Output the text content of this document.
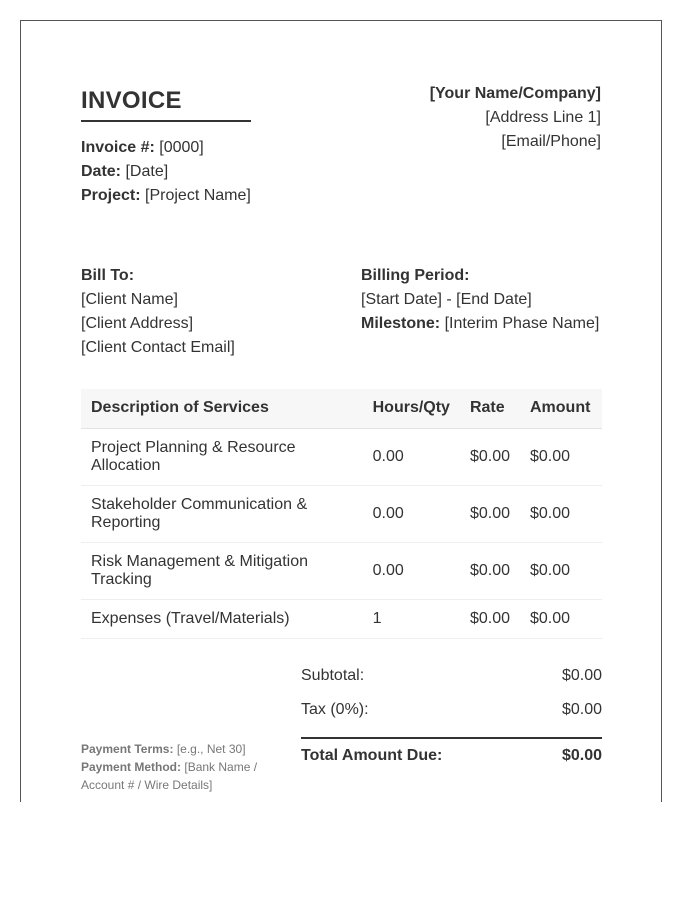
INVOICE
Invoice #: [0000]
Date: [Date]
Project: [Project Name]
[Your Name/Company]
[Address Line 1]
[Email/Phone]
Bill To:
[Client Name]
[Client Address]
[Client Contact Email]
Billing Period:
[Start Date] - [End Date]
Milestone: [Interim Phase Name]
Description of Services	Hours/Qty	Rate	Amount
Project Planning & Resource Allocation	0.00	$0.00	$0.00
Stakeholder Communication & Reporting	0.00	$0.00	$0.00
Risk Management & Mitigation Tracking	0.00	$0.00	$0.00
Expenses (Travel/Materials)	1	$0.00	$0.00
Subtotal:	$0.00
Tax (0%):	$0.00
Total Amount Due:	$0.00
Payment Terms: [e.g., Net 30]
Payment Method: [Bank Name / Account # / Wire Details]
